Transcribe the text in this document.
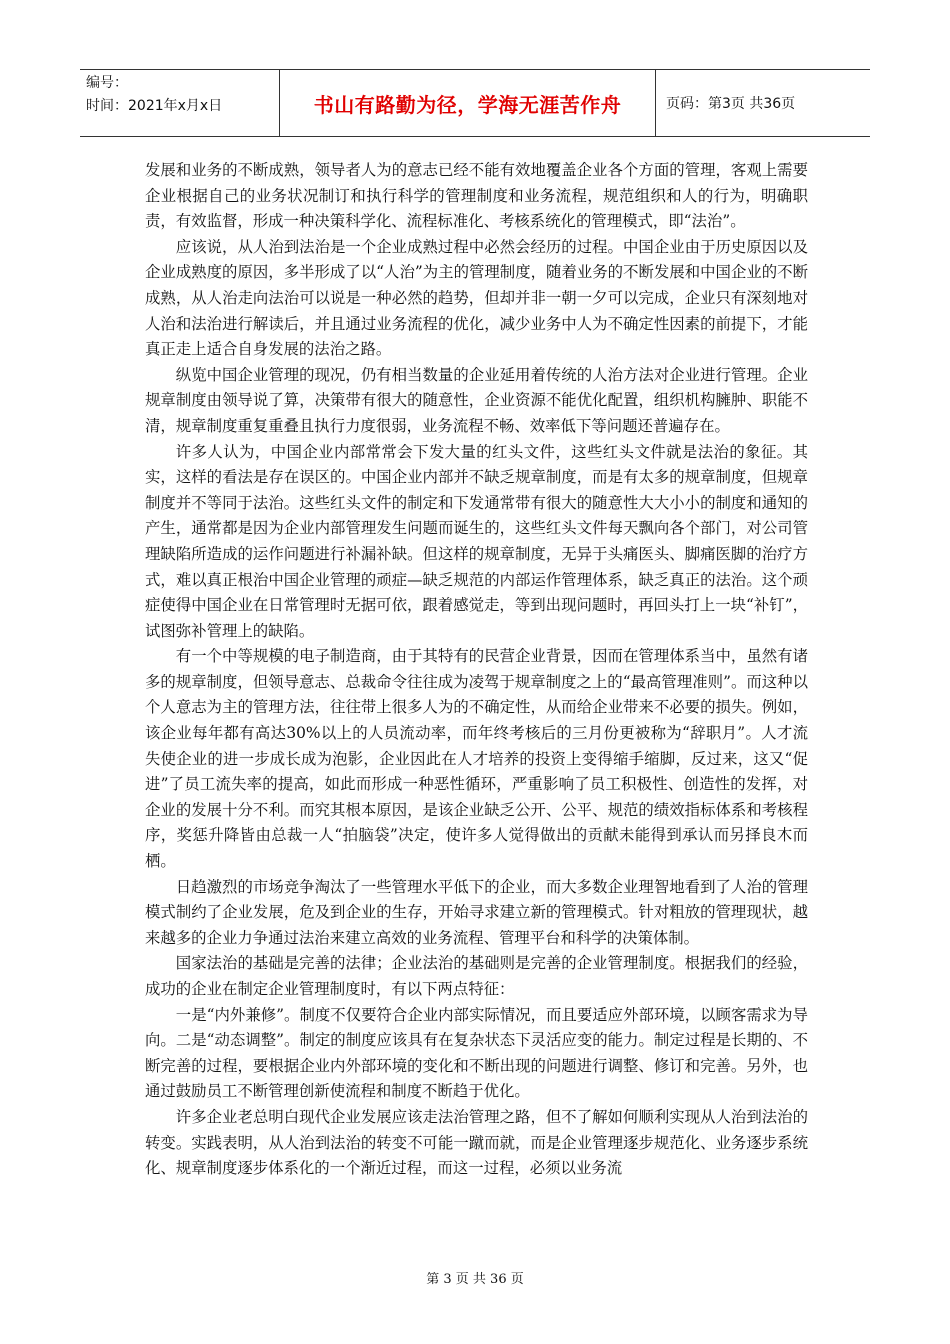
编号：
时间：2021年x月x日	书山有路勤为径，学海无涯苦作舟	页码：第3页 共36页

发展和业务的不断成熟，领导者人为的意志已经不能有效地覆盖企业各个方面的管理，客观上需要企业根据自己的业务状况制订和执行科学的管理制度和业务流程，规范组织和人的行为，明确职责，有效监督，形成一种决策科学化、流程标准化、考核系统化的管理模式，即“法治”。

应该说，从人治到法治是一个企业成熟过程中必然会经历的过程。中国企业由于历史原因以及企业成熟度的原因，多半形成了以“人治”为主的管理制度，随着业务的不断发展和中国企业的不断成熟，从人治走向法治可以说是一种必然的趋势，但却并非一朝一夕可以完成，企业只有深刻地对人治和法治进行解读后，并且通过业务流程的优化，减少业务中人为不确定性因素的前提下，才能真正走上适合自身发展的法治之路。

纵览中国企业管理的现况，仍有相当数量的企业延用着传统的人治方法对企业进行管理。企业规章制度由领导说了算，决策带有很大的随意性，企业资源不能优化配置，组织机构臃肿、职能不清，规章制度重复重叠且执行力度很弱，业务流程不畅、效率低下等问题还普遍存在。

许多人认为，中国企业内部常常会下发大量的红头文件，这些红头文件就是法治的象征。其实，这样的看法是存在误区的。中国企业内部并不缺乏规章制度，而是有太多的规章制度，但规章制度并不等同于法治。这些红头文件的制定和下发通常带有很大的随意性大大小小的制度和通知的产生，通常都是因为企业内部管理发生问题而诞生的，这些红头文件每天飘向各个部门，对公司管理缺陷所造成的运作问题进行补漏补缺。但这样的规章制度，无异于头痛医头、脚痛医脚的治疗方式，难以真正根治中国企业管理的顽症—缺乏规范的内部运作管理体系，缺乏真正的法治。这个顽症使得中国企业在日常管理时无据可依，跟着感觉走，等到出现问题时，再回头打上一块“补钉”，试图弥补管理上的缺陷。

有一个中等规模的电子制造商，由于其特有的民营企业背景，因而在管理体系当中，虽然有诸多的规章制度，但领导意志、总裁命令往往成为凌驾于规章制度之上的“最高管理准则”。而这种以个人意志为主的管理方法，往往带上很多人为的不确定性，从而给企业带来不必要的损失。例如，该企业每年都有高达30%以上的人员流动率，而年终考核后的三月份更被称为“辞职月”。人才流失使企业的进一步成长成为泡影，企业因此在人才培养的投资上变得缩手缩脚，反过来，这又“促进”了员工流失率的提高，如此而形成一种恶性循环，严重影响了员工积极性、创造性的发挥，对企业的发展十分不利。而究其根本原因，是该企业缺乏公开、公平、规范的绩效指标体系和考核程序，奖惩升降皆由总裁一人“拍脑袋”决定，使许多人觉得做出的贡献未能得到承认而另择良木而栖。

日趋激烈的市场竞争淘汰了一些管理水平低下的企业，而大多数企业理智地看到了人治的管理模式制约了企业发展，危及到企业的生存，开始寻求建立新的管理模式。针对粗放的管理现状，越来越多的企业力争通过法治来建立高效的业务流程、管理平台和科学的决策体制。

国家法治的基础是完善的法律；企业法治的基础则是完善的企业管理制度。根据我们的经验，成功的企业在制定企业管理制度时，有以下两点特征：

一是“内外兼修”。制度不仅要符合企业内部实际情况，而且要适应外部环境，以顾客需求为导向。二是“动态调整”。制定的制度应该具有在复杂状态下灵活应变的能力。制定过程是长期的、不断完善的过程，要根据企业内外部环境的变化和不断出现的问题进行调整、修订和完善。另外，也通过鼓励员工不断管理创新使流程和制度不断趋于优化。

许多企业老总明白现代企业发展应该走法治管理之路，但不了解如何顺利实现从人治到法治的转变。实践表明，从人治到法治的转变不可能一蹴而就，而是企业管理逐步规范化、业务逐步系统化、规章制度逐步体系化的一个渐近过程，而这一过程，必须以业务流

第 3 页 共 36 页
